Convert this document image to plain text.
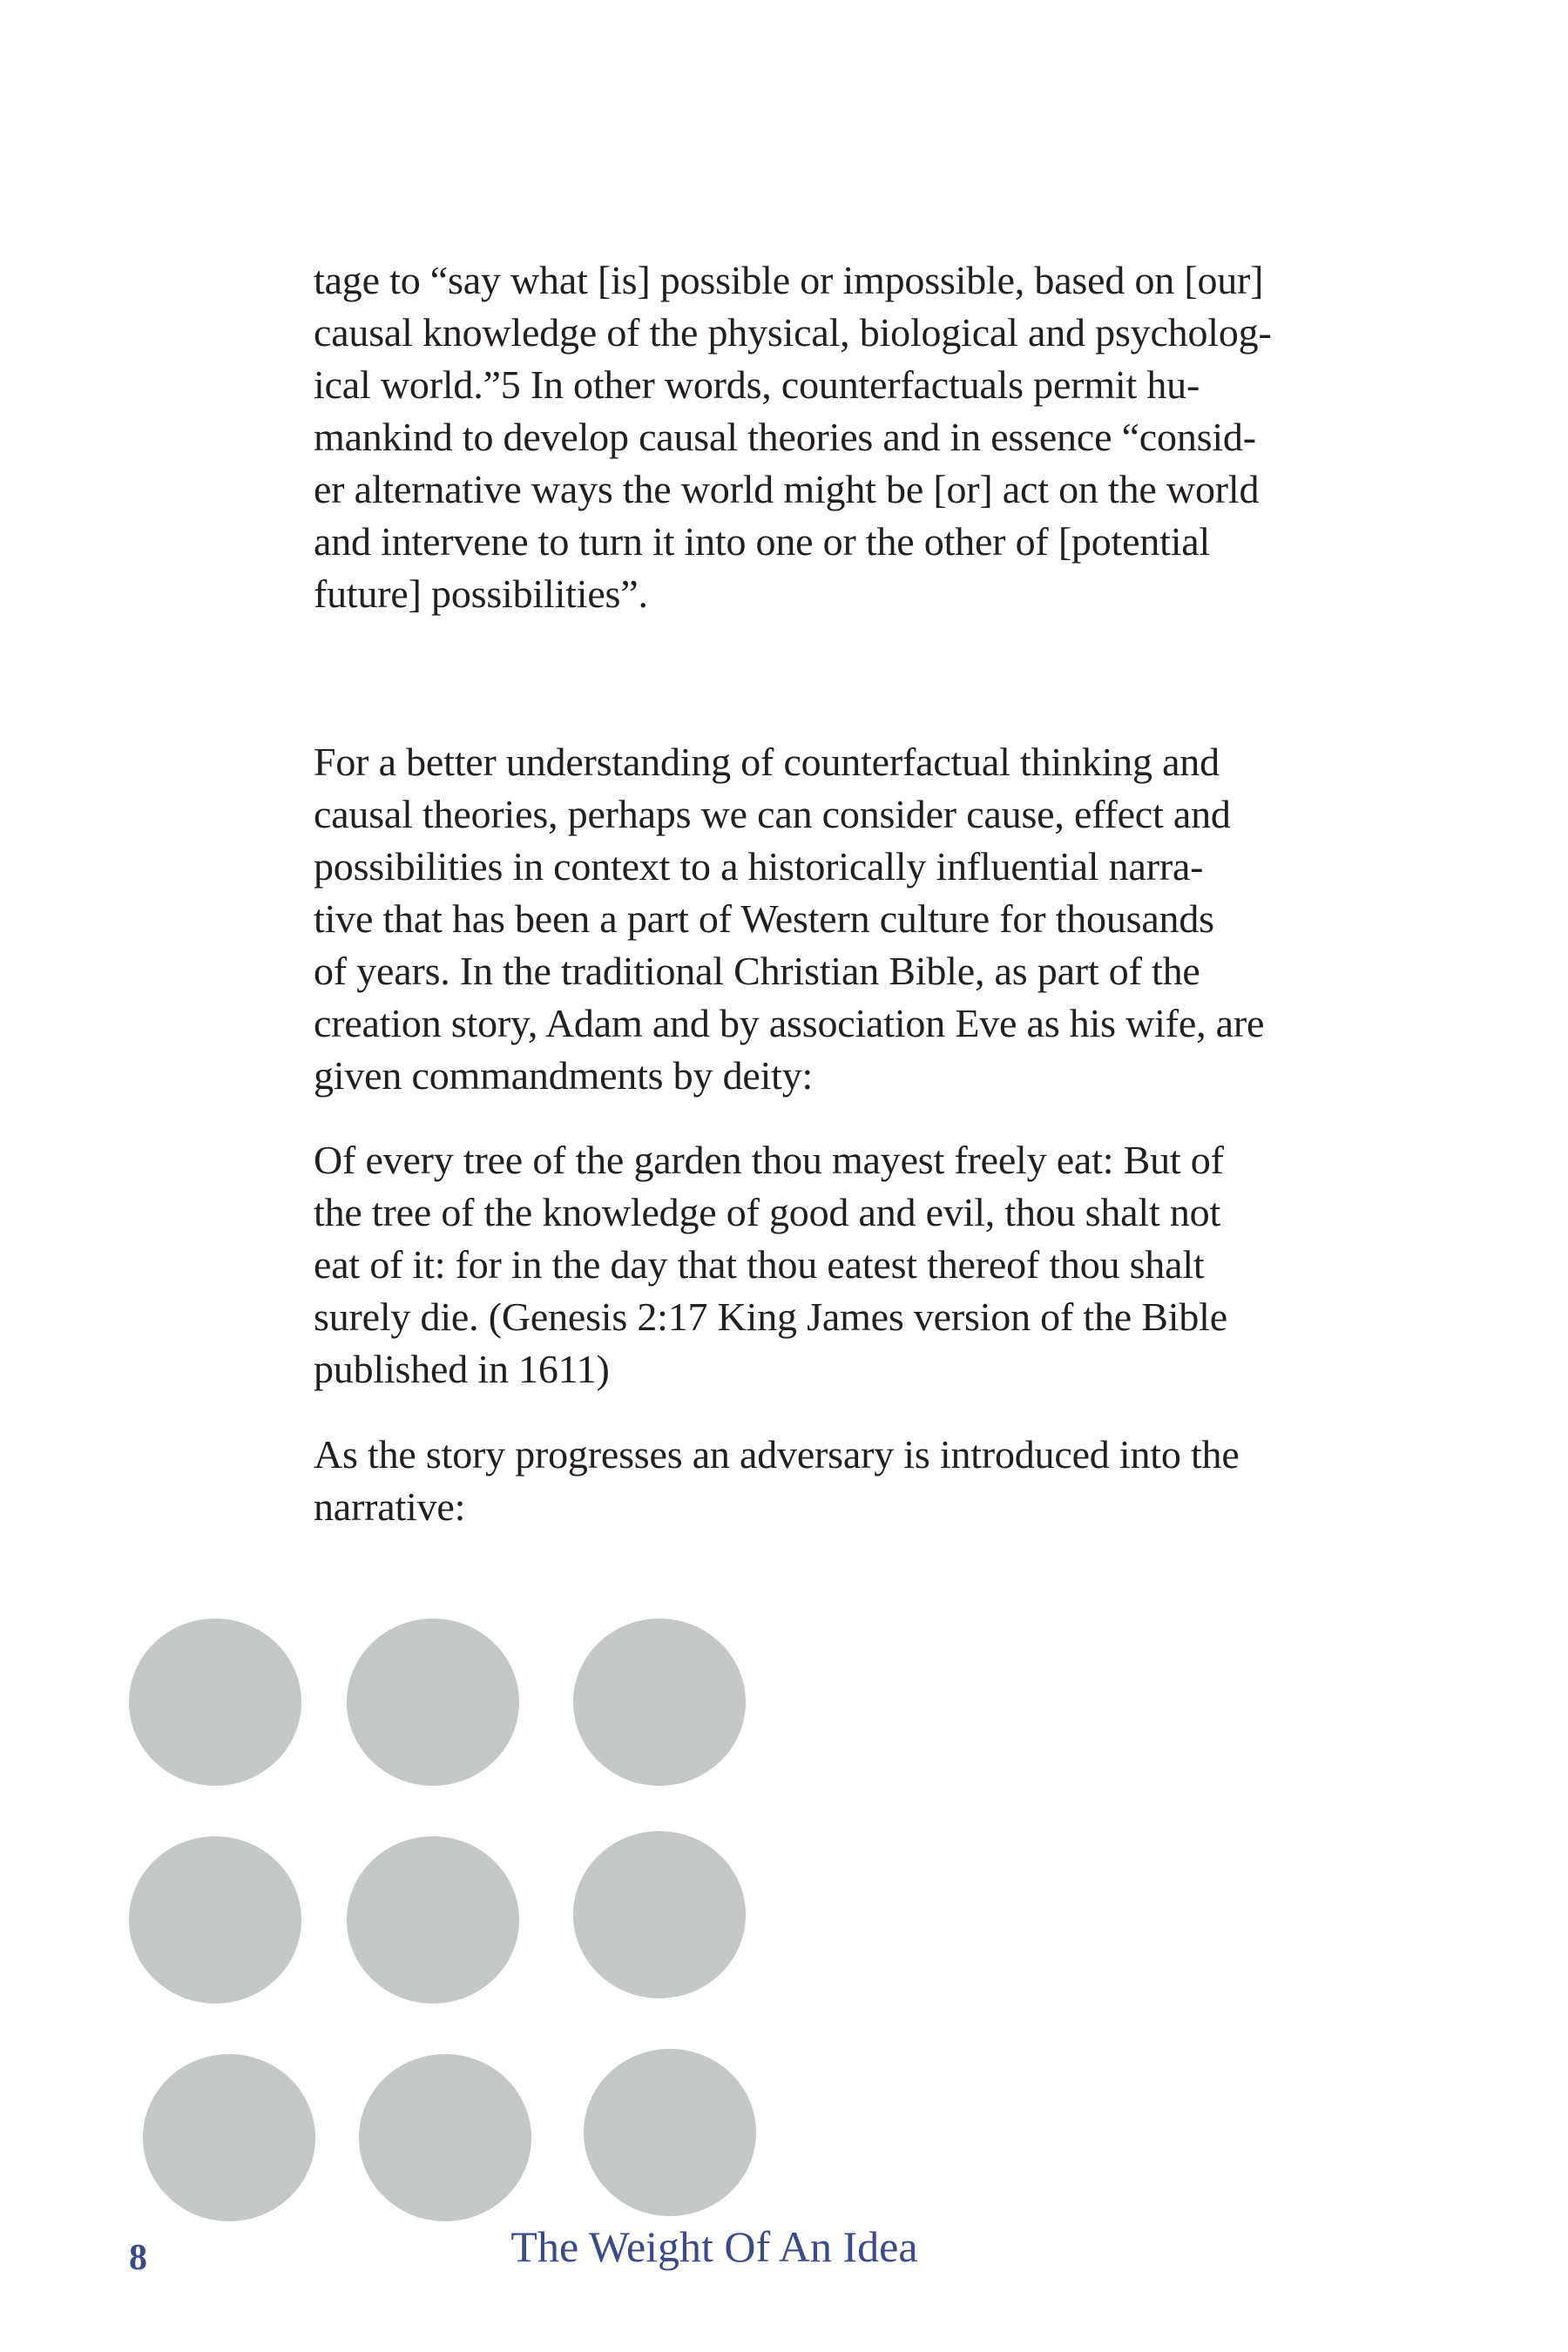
tage to “say what [is] possible or impossible, based on [our]
causal knowledge of the physical, biological and psycholog-
ical world.”5 In other words, counterfactuals permit hu-
mankind to develop causal theories and in essence “consid-
er alternative ways the world might be [or] act on the world
and intervene to turn it into one or the other of [potential
future] possibilities”.
For a better understanding of counterfactual thinking and
causal theories, perhaps we can consider cause, effect and
possibilities in context to a historically influential narra-
tive that has been a part of Western culture for thousands
of years. In the traditional Christian Bible, as part of the
creation story, Adam and by association Eve as his wife, are
given commandments by deity:
Of every tree of the garden thou mayest freely eat: But of
the tree of the knowledge of good and evil, thou shalt not
eat of it: for in the day that thou eatest thereof thou shalt
surely die. (Genesis 2:17 King James version of the Bible
published in 1611)
As the story progresses an adversary is introduced into the
narrative:
8	The Weight Of An Idea
